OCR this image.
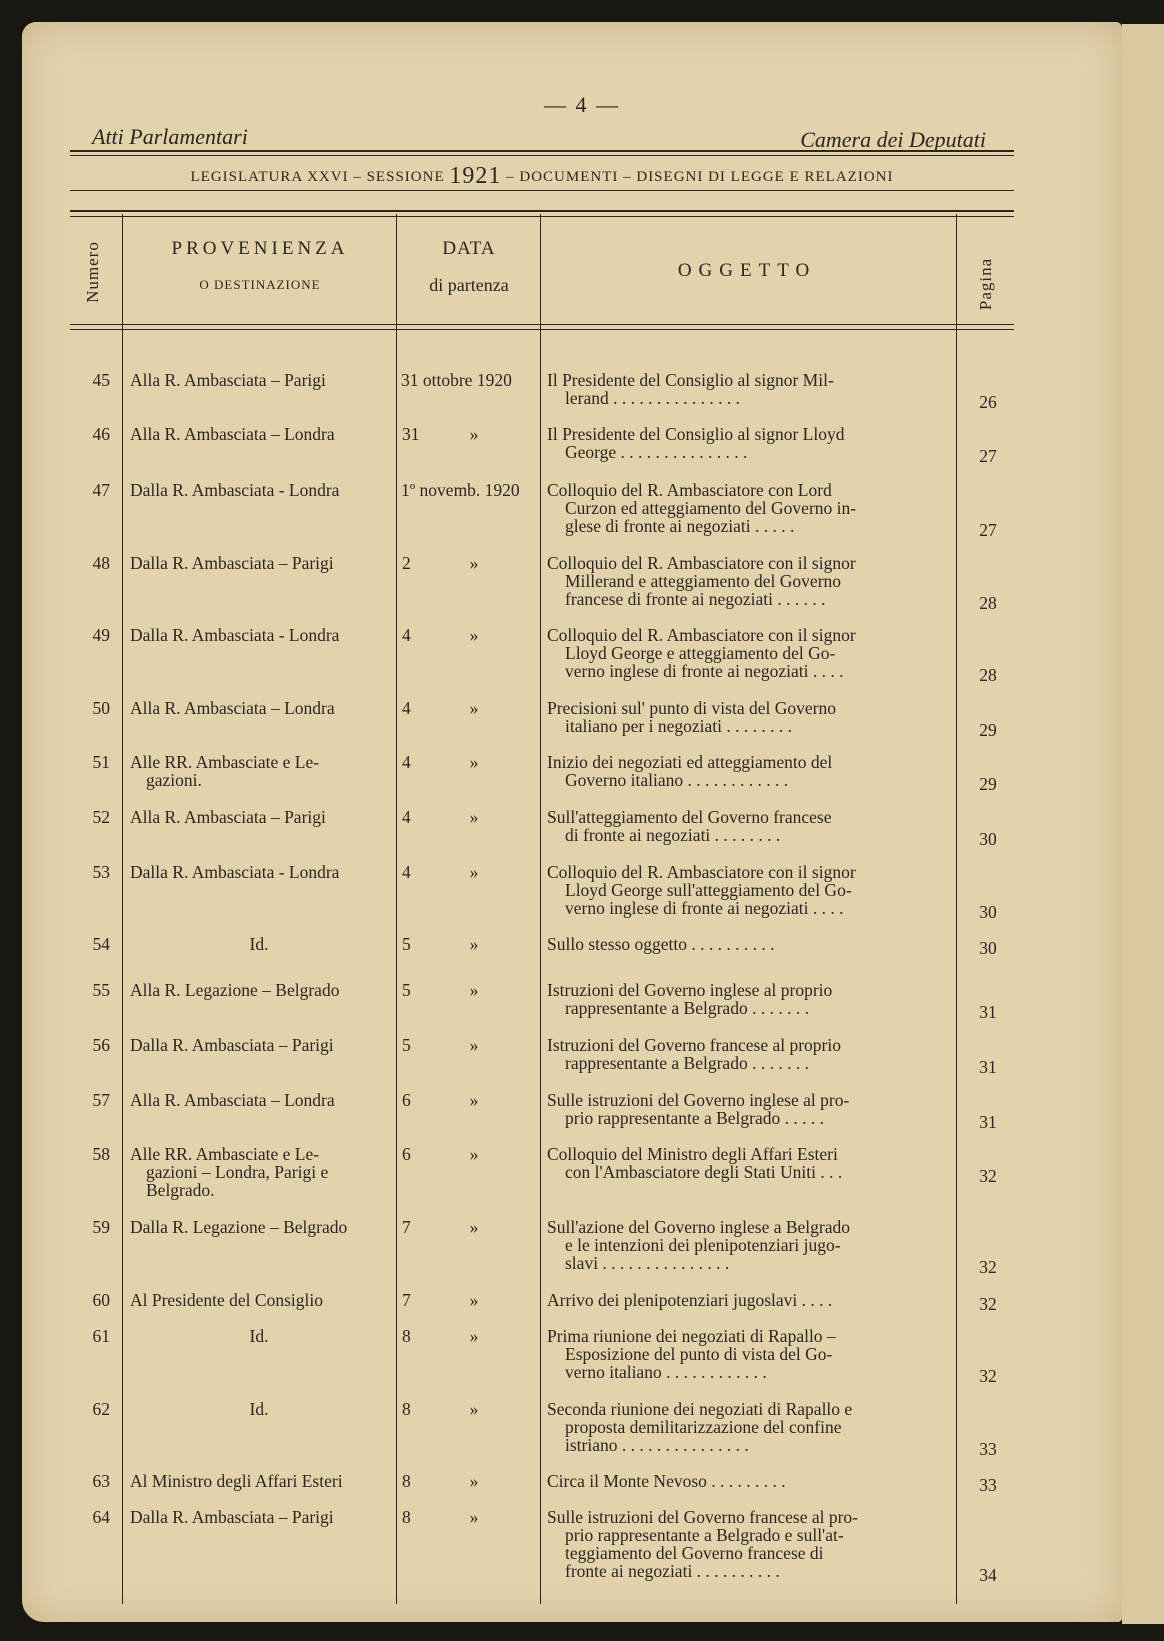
— 4 —
Atti Parlamentari	Camera dei Deputati
LEGISLATURA XXVI – SESSIONE 1921 – DOCUMENTI – DISEGNI DI LEGGE E RELAZIONI
Numero	PROVENIENZA
O DESTINAZIONE
DATA
di partenza
OGGETTO	Pagina
45 Alla R. Ambasciata – Parigi	31 ottobre 1920	Il Presidente del Consiglio al signor Mil-
lerand . . . . . . . . . . . . . . .	26
46 Alla R. Ambasciata – Londra	31	»	Il Presidente del Consiglio al signor Lloyd
George . . . . . . . . . . . . . . .	27
47 Dalla R. Ambasciata - Londra	1º novemb. 1920	Colloquio del R. Ambasciatore con Lord
Curzon ed atteggiamento del Governo in-
glese di fronte ai negoziati . . . . .	27
48 Dalla R. Ambasciata – Parigi	2	»	Colloquio del R. Ambasciatore con il signor
Millerand e atteggiamento del Governo
francese di fronte ai negoziati . . . . . .	28
49 Dalla R. Ambasciata - Londra	4	»	Colloquio del R. Ambasciatore con il signor
Lloyd George e atteggiamento del Go-
verno inglese di fronte ai negoziati . . . .	28
50 Alla R. Ambasciata – Londra	4	»	Precisioni sul' punto di vista del Governo
italiano per i negoziati . . . . . . . .	29
51 Alle RR. Ambasciate e Le-
gazioni.
4	»	Inizio dei negoziati ed atteggiamento del
Governo italiano . . . . . . . . . . . .	29
52 Alla R. Ambasciata – Parigi	4	»	Sull'atteggiamento del Governo francese
di fronte ai negoziati . . . . . . . .	30
53 Dalla R. Ambasciata - Londra	4	»	Colloquio del R. Ambasciatore con il signor
Lloyd George sull'atteggiamento del Go-
verno inglese di fronte ai negoziati . . . .	30
54	Id.	5	»	Sullo stesso oggetto . . . . . . . . . .	30
55 Alla R. Legazione – Belgrado	5	»	Istruzioni del Governo inglese al proprio
rappresentante a Belgrado . . . . . . .	31
56 Dalla R. Ambasciata – Parigi	5	»	Istruzioni del Governo francese al proprio
rappresentante a Belgrado . . . . . . .	31
57 Alla R. Ambasciata – Londra	6	»	Sulle istruzioni del Governo inglese al pro-
prio rappresentante a Belgrado . . . . .	31
58 Alle RR. Ambasciate e Le-
gazioni – Londra, Parigi e
Belgrado.
6	»	Colloquio del Ministro degli Affari Esteri
con l'Ambasciatore degli Stati Uniti . . .	32
59 Dalla R. Legazione – Belgrado	7	»	Sull'azione del Governo inglese a Belgrado
e le intenzioni dei plenipotenziari jugo-
slavi . . . . . . . . . . . . . . .	32
60 Al Presidente del Consiglio	7	»	Arrivo dei plenipotenziari jugoslavi . . . .	32
61	Id.	8	»	Prima riunione dei negoziati di Rapallo –
Esposizione del punto di vista del Go-
verno italiano . . . . . . . . . . . .	32
62	Id.	8	»	Seconda riunione dei negoziati di Rapallo e
proposta demilitarizzazione del confine
istriano . . . . . . . . . . . . . . .	33
63 Al Ministro degli Affari Esteri	8	»	Circa il Monte Nevoso . . . . . . . . .	33
64 Dalla R. Ambasciata – Parigi	8	»	Sulle istruzioni del Governo francese al pro-
prio rappresentante a Belgrado e sull'at-
teggiamento del Governo francese di
fronte ai negoziati . . . . . . . . . .	34
